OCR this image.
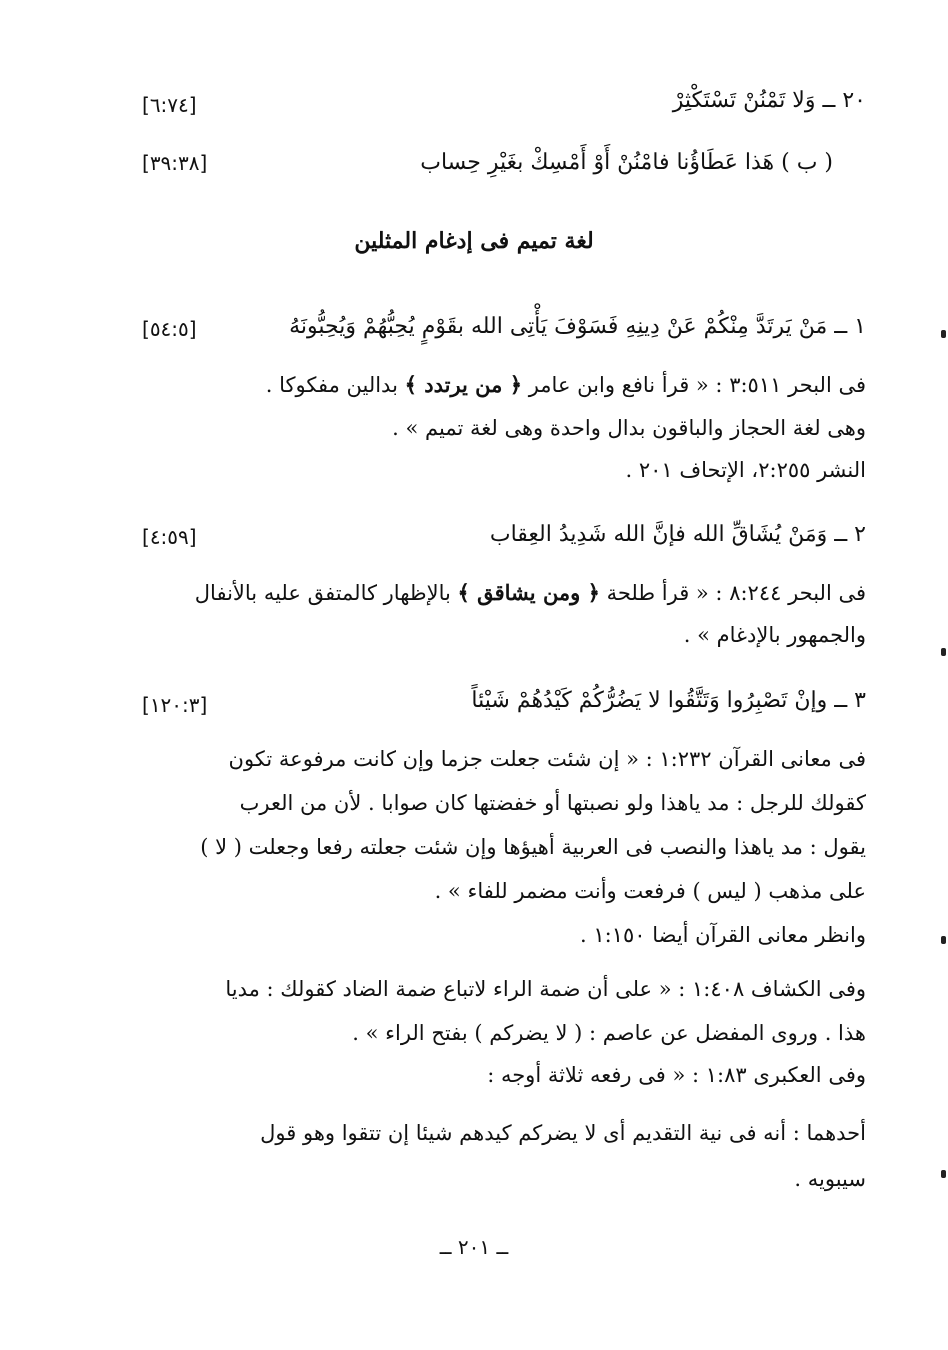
٢٠ ــ وَلا تَمْنُنْ تَسْتَكْثِرْ
[٦:٧٤]
( ب ) هَذا عَطَاؤُنا فامْنُنْ أَوْ أَمْسِكْ بغَيْرِ حِساب
[٣٩:٣٨]
لغة تميم فى إدغام المثلين
١ ــ مَنْ يَرتَدَّ مِنْكُمْ عَنْ دِينِهِ فَسَوْفَ يَأْتِى الله بقَوْمٍ يُحِبُّهُمْ وَيُحِبُّونَهُ
[٥٤:٥]
فى البحر ٣:٥١١ : « قرأ نافع وابن عامر ﴿ من يرتدد ﴾ بدالين مفكوكا .
وهى لغة الحجاز والباقون بدال واحدة وهى لغة تميم » .
النشر ٢:٢٥٥، الإتحاف ٢٠١ .
٢ ــ وَمَنْ يُشَاقِّ الله فإنَّ الله شَدِيدُ العِقاب
[٤:٥٩]
فى البحر ٨:٢٤٤ : « قرأ طلحة ﴿ ومن يشاقق ﴾ بالإظهار كالمتفق عليه بالأنفال
والجمهور بالإدغام » .
٣ ــ وإنْ تَصْبِرُوا وَتَتَّقُوا لا يَضُرُّكُمْ كَيْدُهُمْ شَيْئاً
[١٢٠:٣]
فى معانى القرآن ١:٢٣٢ : « إن شئت جعلت جزما وإن كانت مرفوعة تكون
كقولك للرجل : مد ياهذا ولو نصبتها أو خفضتها كان صوابا . لأن من العرب
يقول : مد ياهذا والنصب فى العربية أهيؤها وإن شئت جعلته رفعا وجعلت ( لا )
على مذهب ( ليس ) فرفعت وأنت مضمر للفاء » .
وانظر معانى القرآن أيضا ١:١٥٠ .
وفى الكشاف ١:٤٠٨ : « على أن ضمة الراء لاتباع ضمة الضاد كقولك : مديا
هذا . وروى المفضل عن عاصم : ( لا يضركم ) بفتح الراء » .
وفى العكبرى ١:٨٣ : « فى رفعه ثلاثة أوجه :
أحدهما : أنه فى نية التقديم أى لا يضركم كيدهم شيئا إن تتقوا وهو قول
سيبويه .
ــ ٢٠١ ــ
